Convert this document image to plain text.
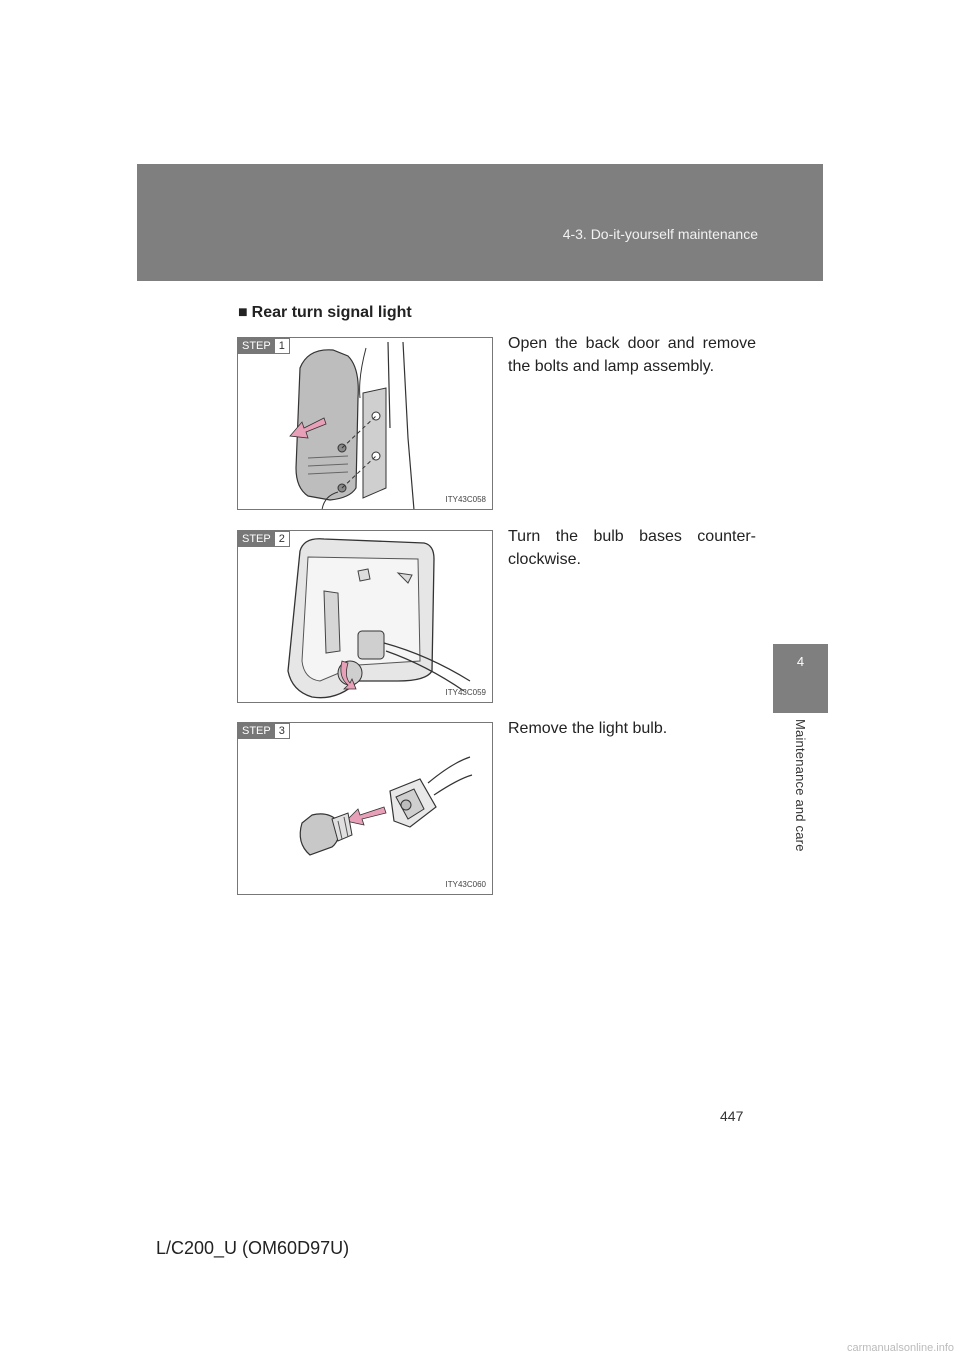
4-3. Do-it-yourself maintenance
4
Maintenance and care
■ Rear turn signal light
STEP 1
ITY43C058

Open the back door and remove the bolts and lamp assembly.

STEP 2
ITY43C059

Turn the bulb bases counter-clockwise.

STEP 3
ITY43C060

Remove the light bulb.

447
L/C200_U (OM60D97U)
carmanualsonline.info
